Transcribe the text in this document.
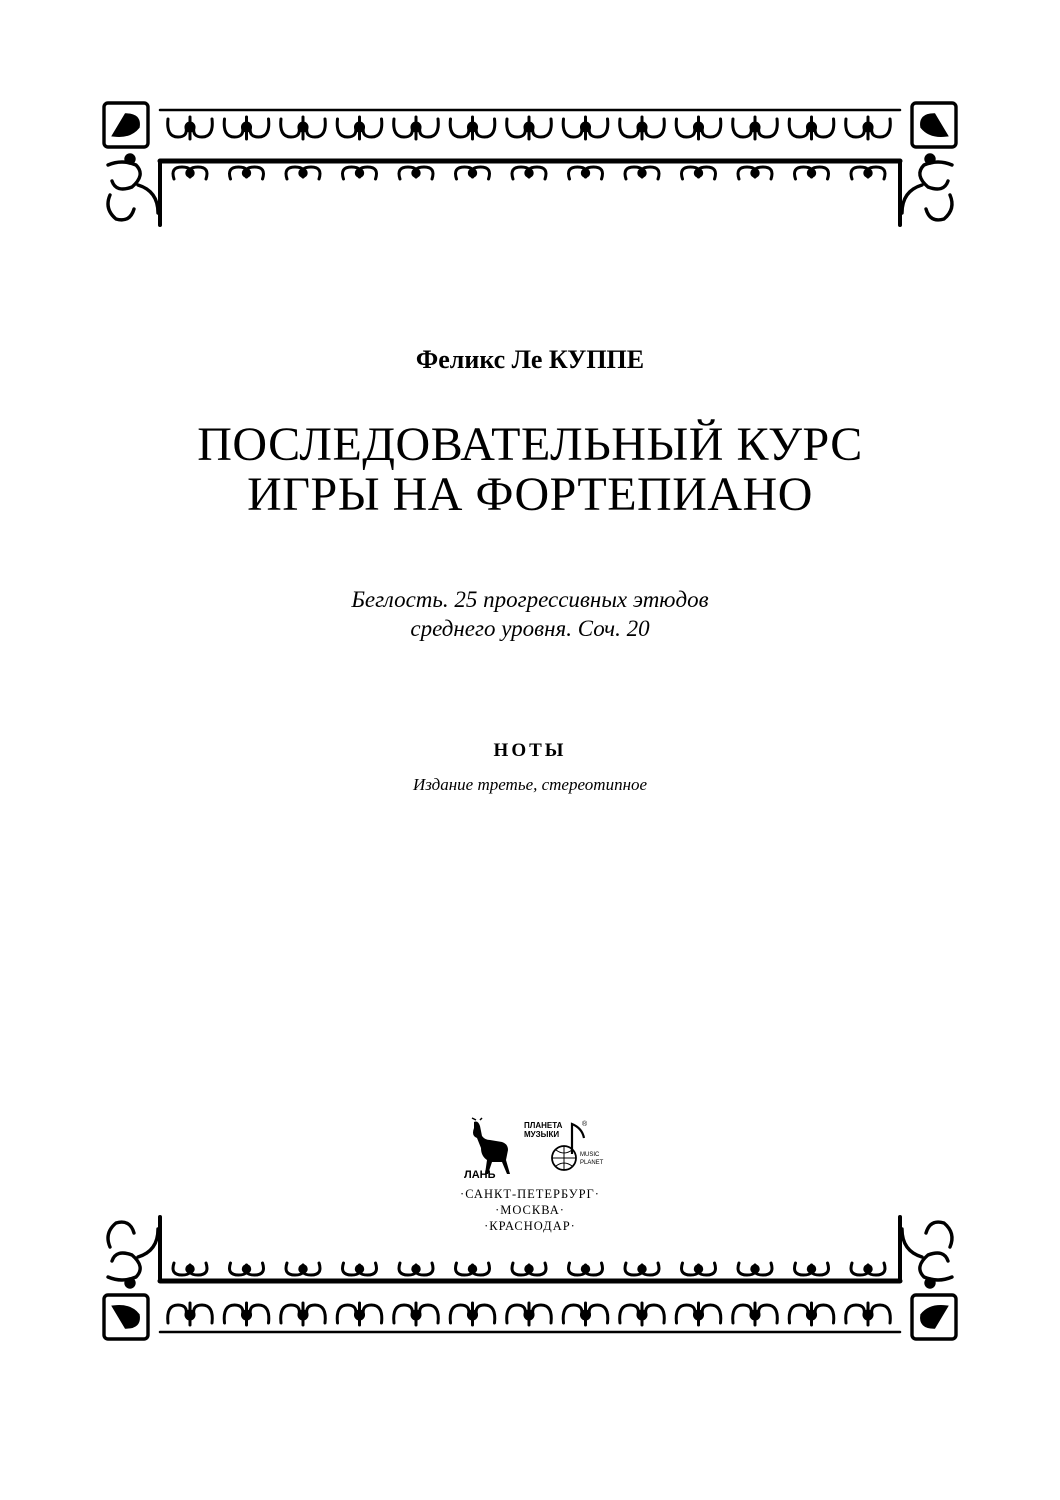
Феликс Ле КУППЕ
ПОСЛЕДОВАТЕЛЬНЫЙ КУРС
ИГРЫ НА ФОРТЕПИАНО
Беглость. 25 прогрессивных этюдов
среднего уровня. Соч. 20
НОТЫ
Издание третье, стереотипное
ПЛАНЕТА
МУЗЫКИ
®
MUSIC
PLANET
ЛАНЬ
·САНКТ-ПЕТЕРБУРГ·
·МОСКВА·
·КРАСНОДАР·
